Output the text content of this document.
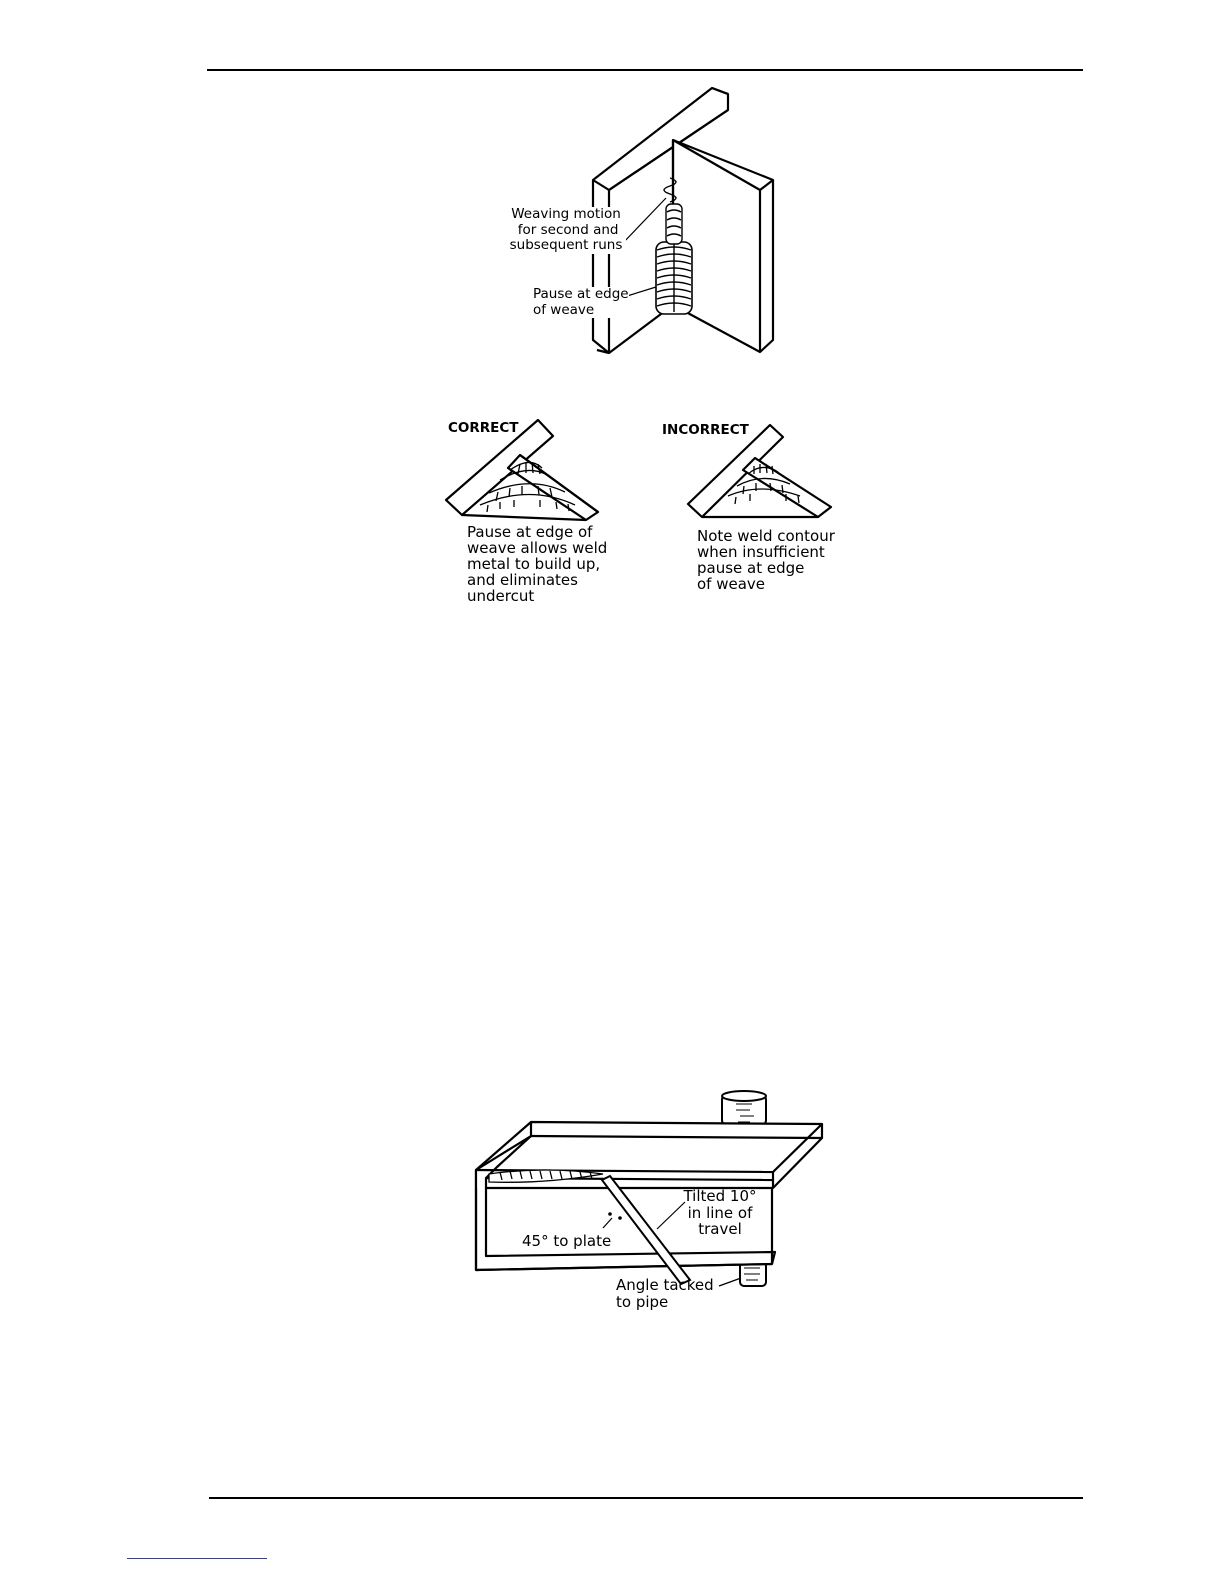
Weaving motion
for second and
subsequent runs
Pause at edge
of weave
CORRECT
Pause at edge of
weave allows weld
metal to build up,
and eliminates
undercut
INCORRECT
Note weld contour
when insufficient
pause at edge
of weave
Tilted 10°
in line of
travel
45° to plate
Angle tacked
to pipe
